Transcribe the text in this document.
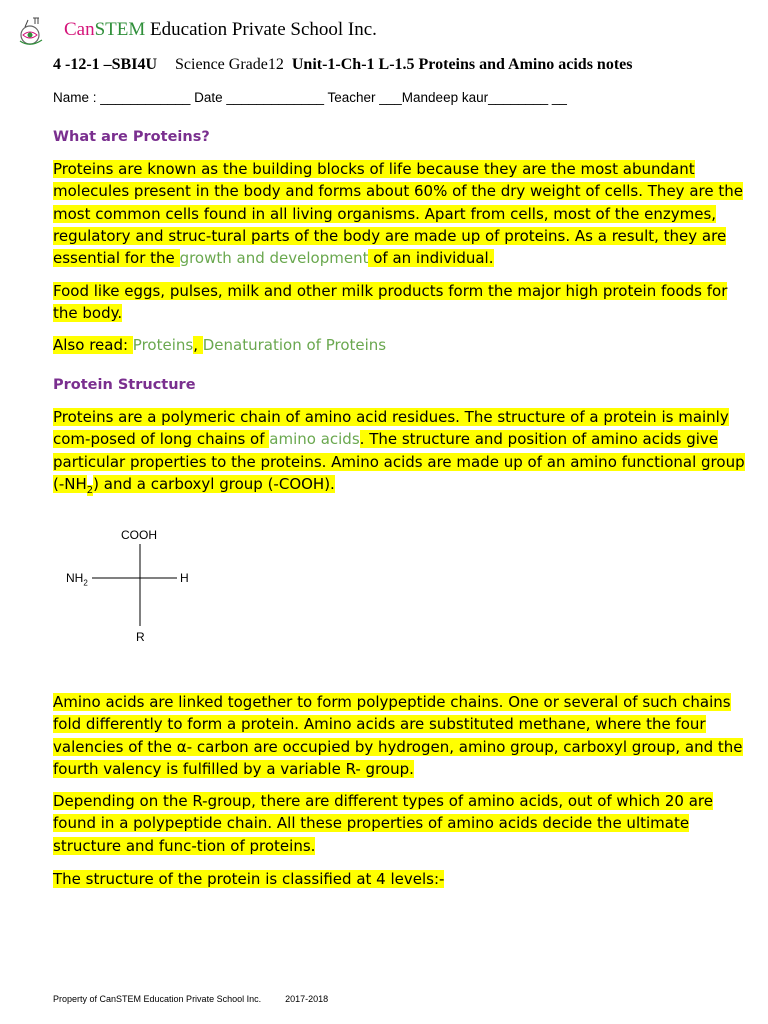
CanSTEM Education Private School Inc.
4 -12-1 –SBI4U Science Grade12 Unit-1-Ch-1 L-1.5 Proteins and Amino acids notes
Name : ____________ Date _____________ Teacher ___Mandeep kaur________ __
What are Proteins?
Proteins are known as the building blocks of life because they are the most abundant molecules present in the body and forms about 60% of the dry weight of cells. They are the most common cells found in all living organisms. Apart from cells, most of the enzymes, regulatory and struc-tural parts of the body are made up of proteins. As a result, they are essential for the growth and development of an individual.
Food like eggs, pulses, milk and other milk products form the major high protein foods for the body.
Also read: Proteins, Denaturation of Proteins
Protein Structure
Proteins are a polymeric chain of amino acid residues. The structure of a protein is mainly com-posed of long chains of amino acids. The structure and position of amino acids give particular properties to the proteins. Amino acids are made up of an amino functional group $(-NH_2)$ and a carboxyl group (-COOH).
COOH
$NH_2$	H
R
Amino acids are linked together to form polypeptide chains. One or several of such chains fold differently to form a protein. Amino acids are substituted methane, where the four valencies of the α- carbon are occupied by hydrogen, amino group, carboxyl group, and the fourth valency is fulfilled by a variable R- group.
Depending on the R-group, there are different types of amino acids, out of which 20 are found in a polypeptide chain. All these properties of amino acids decide the ultimate structure and func-tion of proteins.
The structure of the protein is classified at 4 levels:-
Property of CanSTEM Education Private School Inc.	2017-2018
